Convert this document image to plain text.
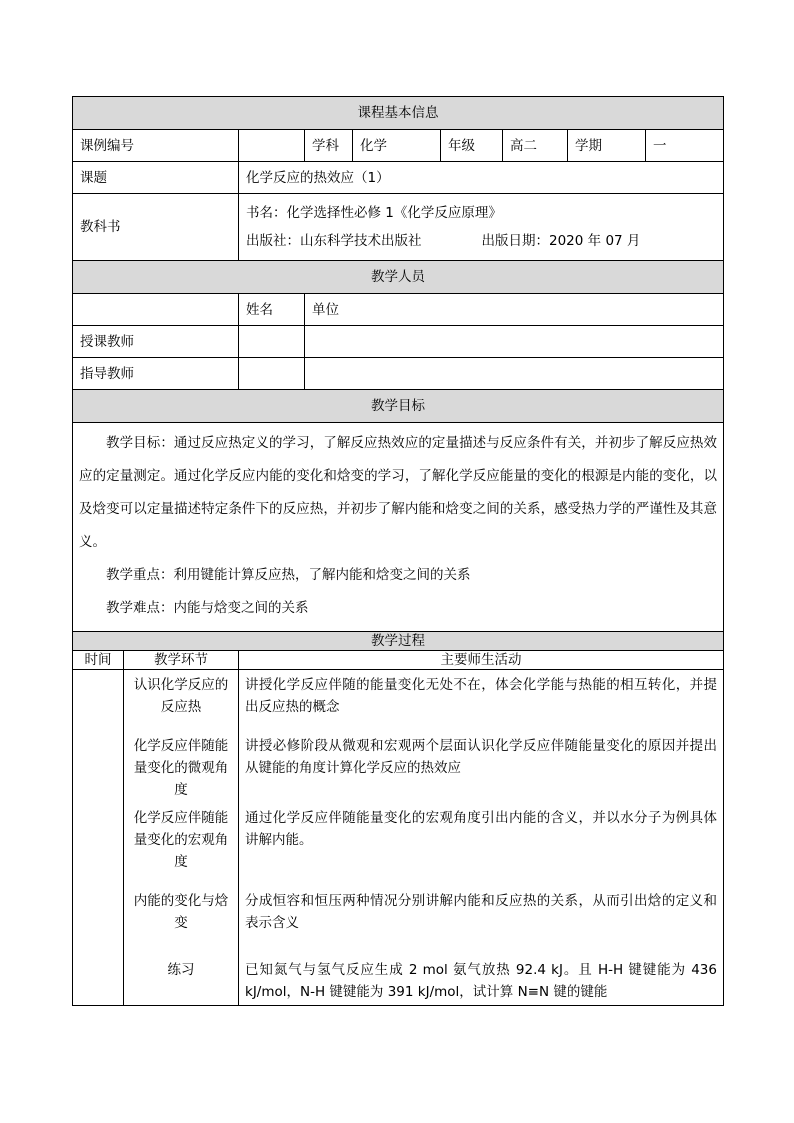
课程基本信息							
课例编号		学科	化学	年级	高二	学期	一
课题	化学反应的热效应（1）						
教科书	书名：化学选择性必修 1《化学反应原理》
出版社：山东科学技术出版社 出版日期：2020 年 07 月						

教学人员							
	姓名	单位					
授课教师							
指导教师							
教学目标							

教学目标：通过反应热定义的学习，了解反应热效应的定量描述与反应条件有关，并初步了解反应热效应的定量测定。通过化学反应内能的变化和焓变的学习，了解化学反应能量的变化的根源是内能的变化，以及焓变可以定量描述特定条件下的反应热，并初步了解内能和焓变之间的关系，感受热力学的严谨性及其意义。

教学重点：利用键能计算反应热，了解内能和焓变之间的关系

教学难点：内能与焓变之间的关系							

教学过程		
时间	教学环节	主要师生活动
	认识化学反应的反应热	讲授化学反应伴随的能量变化无处不在，体会化学能与热能的相互转化，并提出反应热的概念
	化学反应伴随能量变化的微观角度	讲授必修阶段从微观和宏观两个层面认识化学反应伴随能量变化的原因并提出从键能的角度计算化学反应的热效应
	化学反应伴随能量变化的宏观角度	通过化学反应伴随能量变化的宏观角度引出内能的含义，并以水分子为例具体讲解内能。
	内能的变化与焓变	分成恒容和恒压两种情况分别讲解内能和反应热的关系，从而引出焓的定义和表示含义
	练习	已知氮气与氢气反应生成 2 mol 氨气放热 92.4 kJ。且 H-H 键键能为 436 kJ/mol，N-H 键键能为 391 kJ/mol，试计算 N≡N 键的键能
